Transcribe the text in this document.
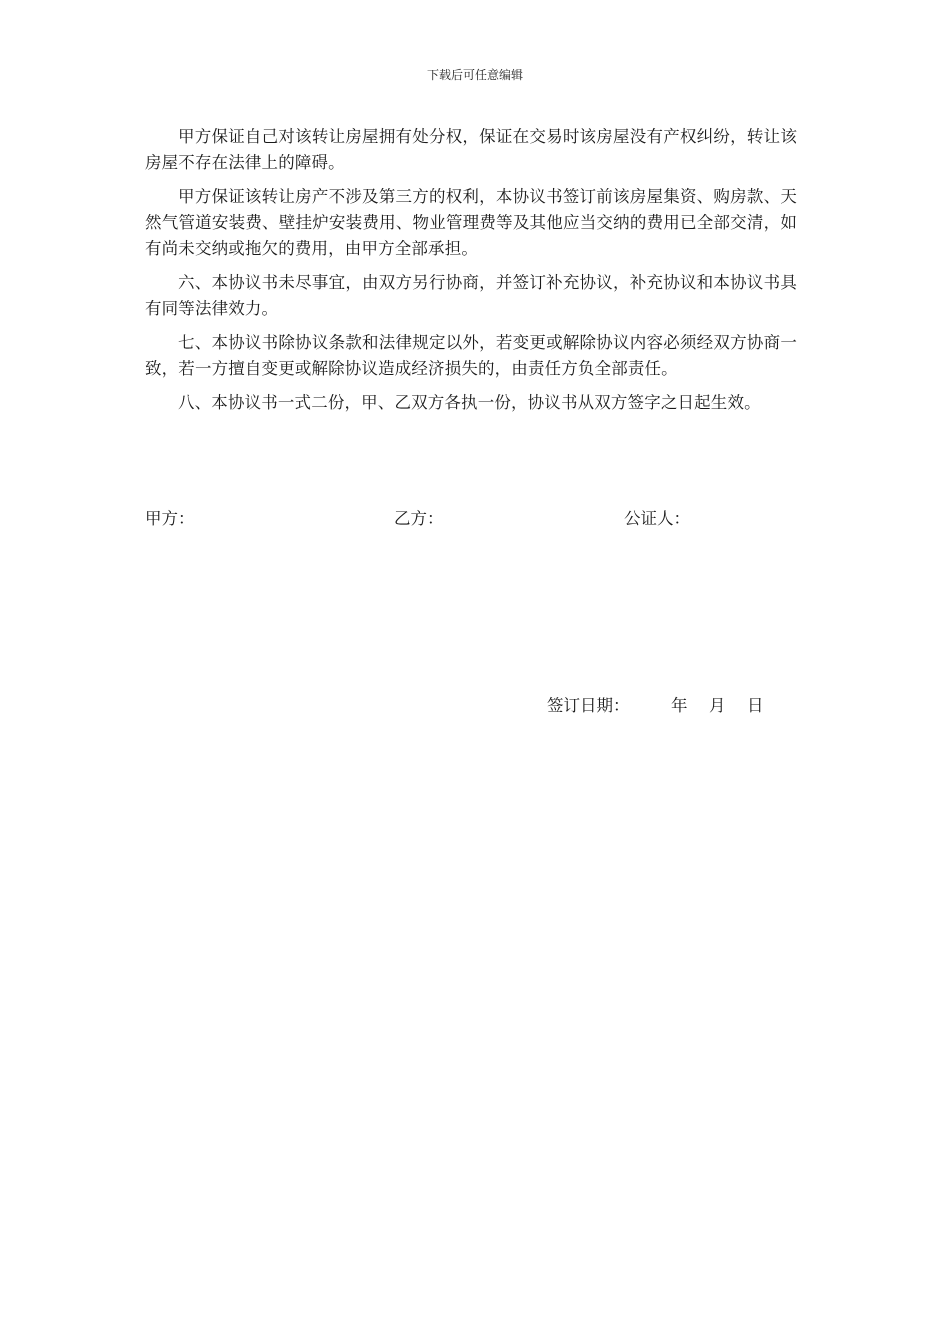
下载后可任意编辑

甲方保证自己对该转让房屋拥有处分权，保证在交易时该房屋没有产权纠纷，转让该房屋不存在法律上的障碍。

甲方保证该转让房产不涉及第三方的权利，本协议书签订前该房屋集资、购房款、天然气管道安装费、壁挂炉安装费用、物业管理费等及其他应当交纳的费用已全部交清，如有尚未交纳或拖欠的费用，由甲方全部承担。

六、本协议书未尽事宜，由双方另行协商，并签订补充协议，补充协议和本协议书具有同等法律效力。

七、本协议书除协议条款和法律规定以外，若变更或解除协议内容必须经双方协商一致，若一方擅自变更或解除协议造成经济损失的，由责任方负全部责任。

八、本协议书一式二份，甲、乙双方各执一份，协议书从双方签字之日起生效。

甲方：	乙方：	公证人：
签订日期：	年 月 日
